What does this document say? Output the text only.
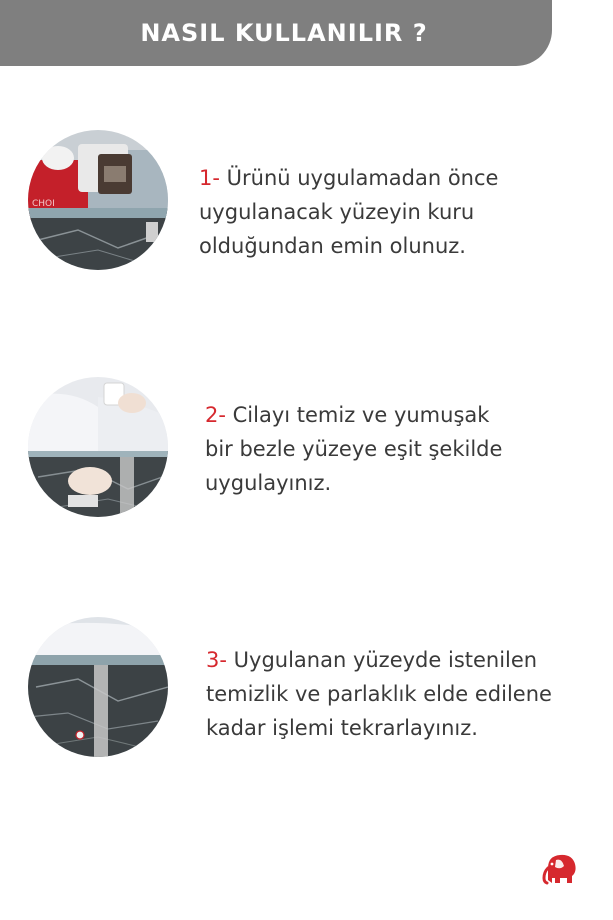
NASIL KULLANILIR ?
CHOI
1- Ürünü uygulamadan önce
uygulanacak yüzeyin kuru
olduğundan emin olunuz.
2- Cilayı temiz ve yumuşak
bir bezle yüzeye eşit şekilde
uygulayınız.
3- Uygulanan yüzeyde istenilen
temizlik ve parlaklık elde edilene
kadar işlemi tekrarlayınız.
